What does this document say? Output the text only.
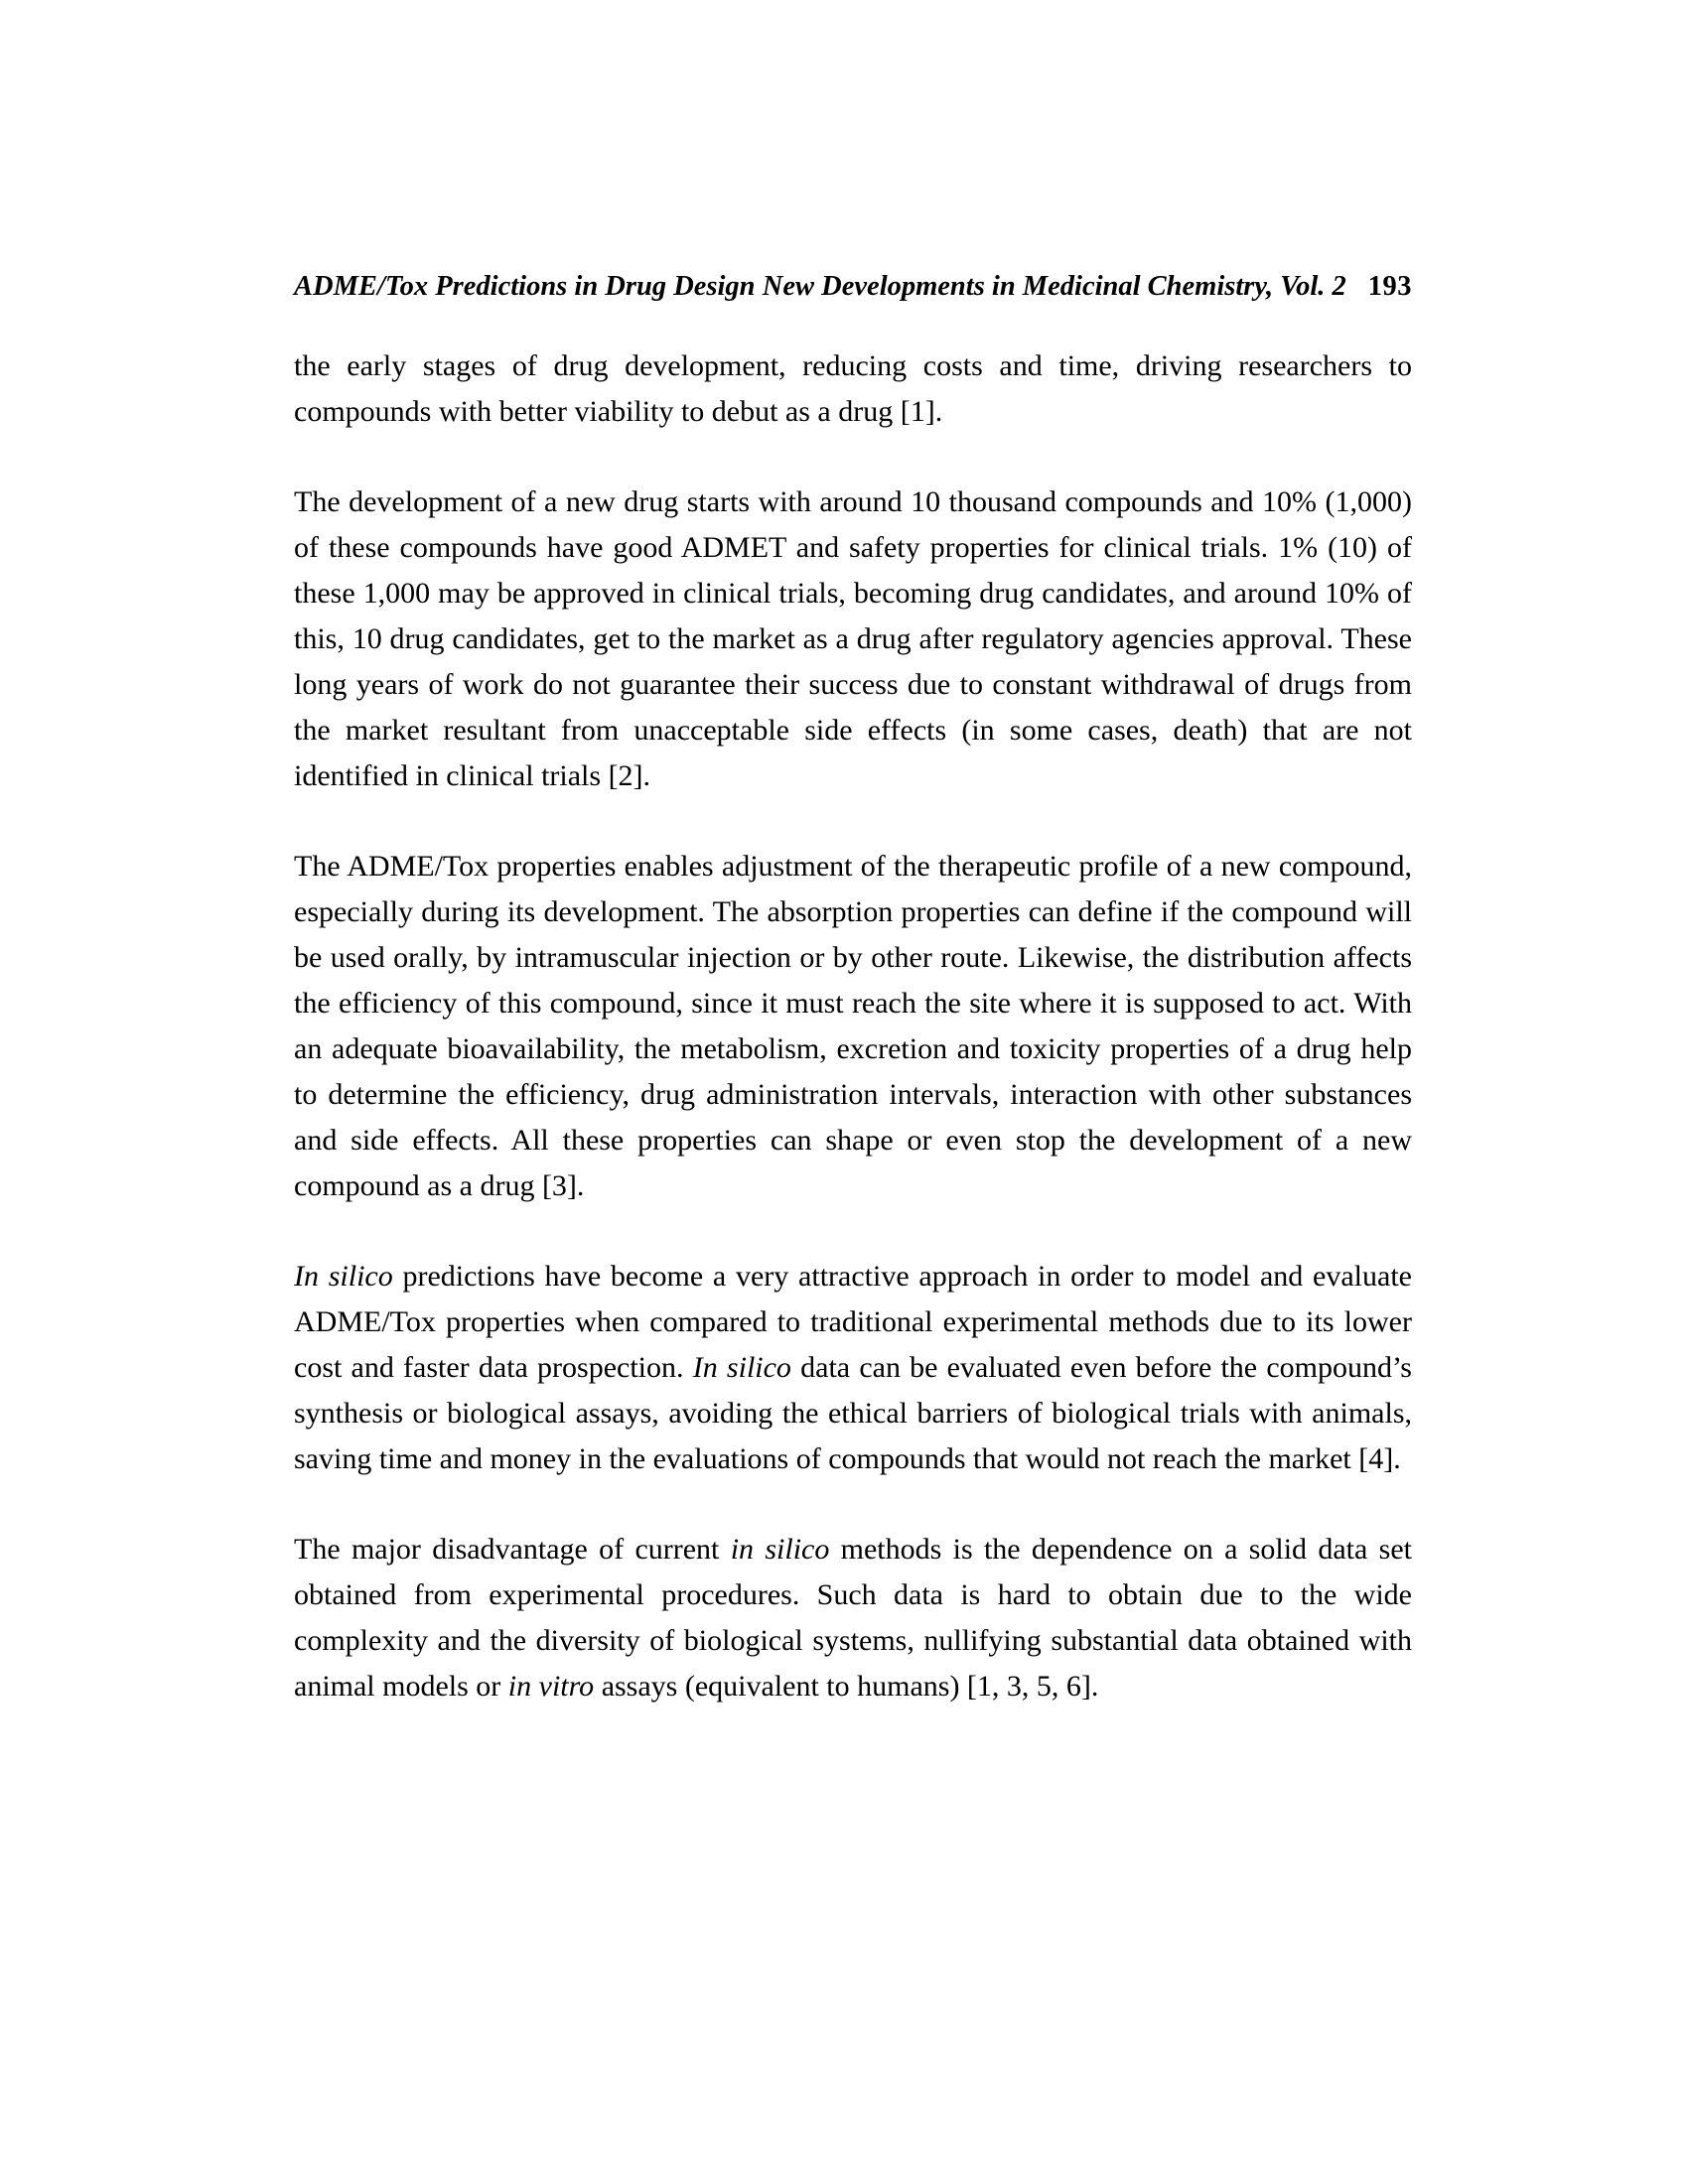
ADME/Tox Predictions in Drug Design New Developments in Medicinal Chemistry, Vol. 2 193

the early stages of drug development, reducing costs and time, driving researchers to compounds with better viability to debut as a drug [1].

The development of a new drug starts with around 10 thousand compounds and 10% (1,000) of these compounds have good ADMET and safety properties for clinical trials. 1% (10) of these 1,000 may be approved in clinical trials, becoming drug candidates, and around 10% of this, 10 drug candidates, get to the market as a drug after regulatory agencies approval. These long years of work do not guarantee their success due to constant withdrawal of drugs from the market resultant from unacceptable side effects (in some cases, death) that are not identified in clinical trials [2].

The ADME/Tox properties enables adjustment of the therapeutic profile of a new compound, especially during its development. The absorption properties can define if the compound will be used orally, by intramuscular injection or by other route. Likewise, the distribution affects the efficiency of this compound, since it must reach the site where it is supposed to act. With an adequate bioavailability, the metabolism, excretion and toxicity properties of a drug help to determine the efficiency, drug administration intervals, interaction with other substances and side effects. All these properties can shape or even stop the development of a new compound as a drug [3].

In silico predictions have become a very attractive approach in order to model and evaluate ADME/Tox properties when compared to traditional experimental methods due to its lower cost and faster data prospection. In silico data can be evaluated even before the compound’s synthesis or biological assays, avoiding the ethical barriers of biological trials with animals, saving time and money in the evaluations of compounds that would not reach the market [4].

The major disadvantage of current in silico methods is the dependence on a solid data set obtained from experimental procedures. Such data is hard to obtain due to the wide complexity and the diversity of biological systems, nullifying substantial data obtained with animal models or in vitro assays (equivalent to humans) [1, 3, 5, 6].
